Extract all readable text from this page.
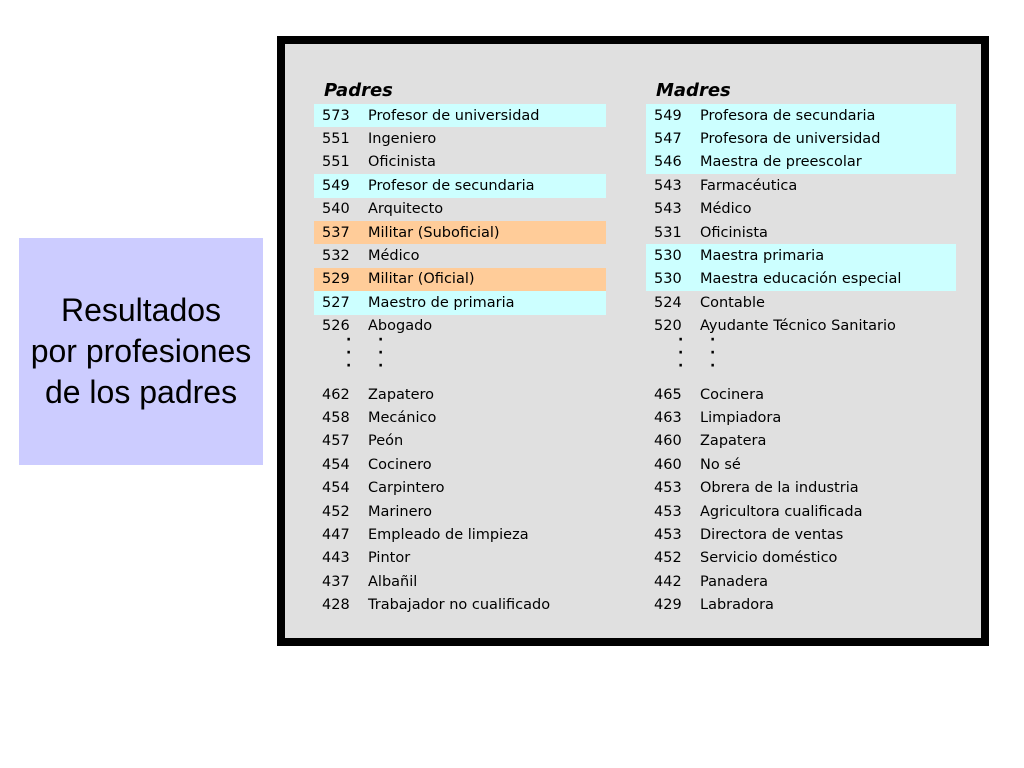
Resultados
por profesiones
de los padres
Padres
573	Profesor de universidad
551	Ingeniero
551	Oficinista
549	Profesor de secundaria
540	Arquitecto
537	Militar (Suboficial)
532	Médico
529	Militar (Oficial)
527	Maestro de primaria
526	Abogado
·
·
·
·
·
·
462	Zapatero
458	Mecánico
457	Peón
454	Cocinero
454	Carpintero
452	Marinero
447	Empleado de limpieza
443	Pintor
437	Albañil
428	Trabajador no cualificado
Madres
549	Profesora de secundaria
547	Profesora de universidad
546	Maestra de preescolar
543	Farmacéutica
543	Médico
531	Oficinista
530	Maestra primaria
530	Maestra educación especial
524	Contable
520	Ayudante Técnico Sanitario
·
·
·
·
·
·
465	Cocinera
463	Limpiadora
460	Zapatera
460	No sé
453	Obrera de la industria
453	Agricultora cualificada
453	Directora de ventas
452	Servicio doméstico
442	Panadera
429	Labradora
